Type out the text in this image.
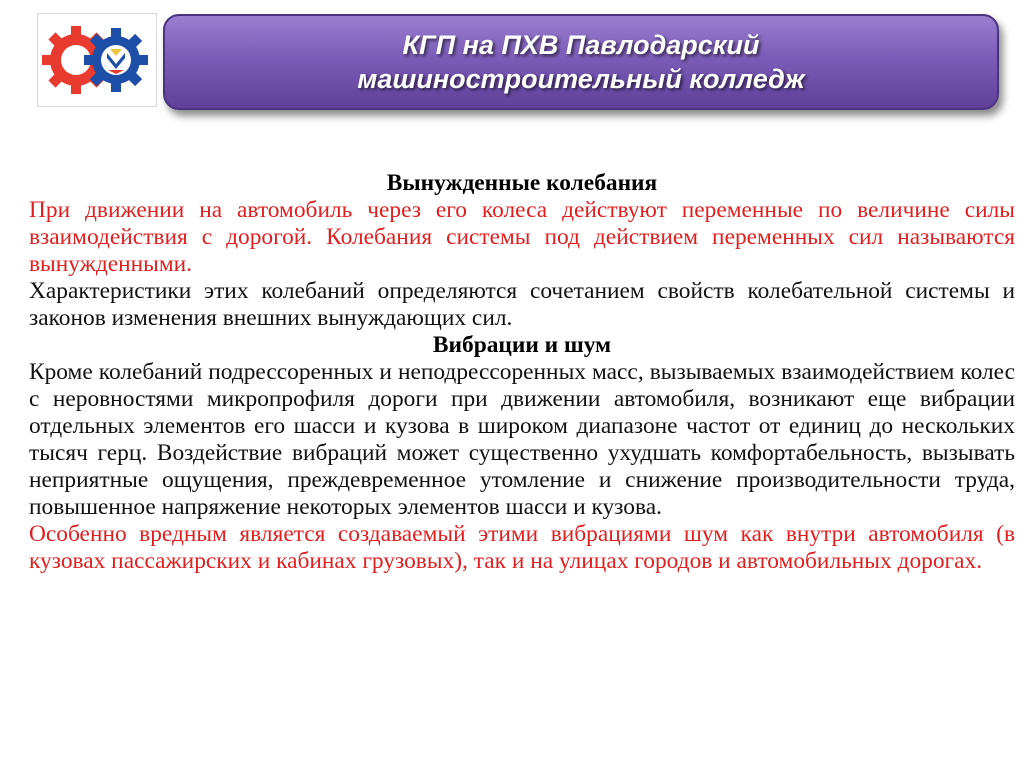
КГП на ПХВ Павлодарский
машиностроительный колледж

Вынужденные колебания

При движении на автомобиль через его колеса действуют переменные по величине силы взаимодействия с дорогой. Колебания системы под действием переменных сил называются вынужденными.

Характеристики этих колебаний определяются сочетанием свойств колебательной системы и законов изменения внешних вынуждающих сил.

Вибрации и шум

Кроме колебаний подрессоренных и неподрессоренных масс, вызываемых взаимодействием колес с неровностями микропрофиля дороги при движении автомобиля, возникают еще вибрации отдельных элементов его шасси и кузова в широком диапазоне частот от единиц до нескольких тысяч герц. Воздействие вибраций может существенно ухудшать комфортабельность, вызывать неприятные ощущения, преждевременное утомление и снижение производительности труда, повышенное напряжение некоторых элементов шасси и кузова.

Особенно вредным является создаваемый этими вибрациями шум как внутри автомобиля (в кузовах пассажирских и кабинах грузовых), так и на улицах городов и автомобильных дорогах.
